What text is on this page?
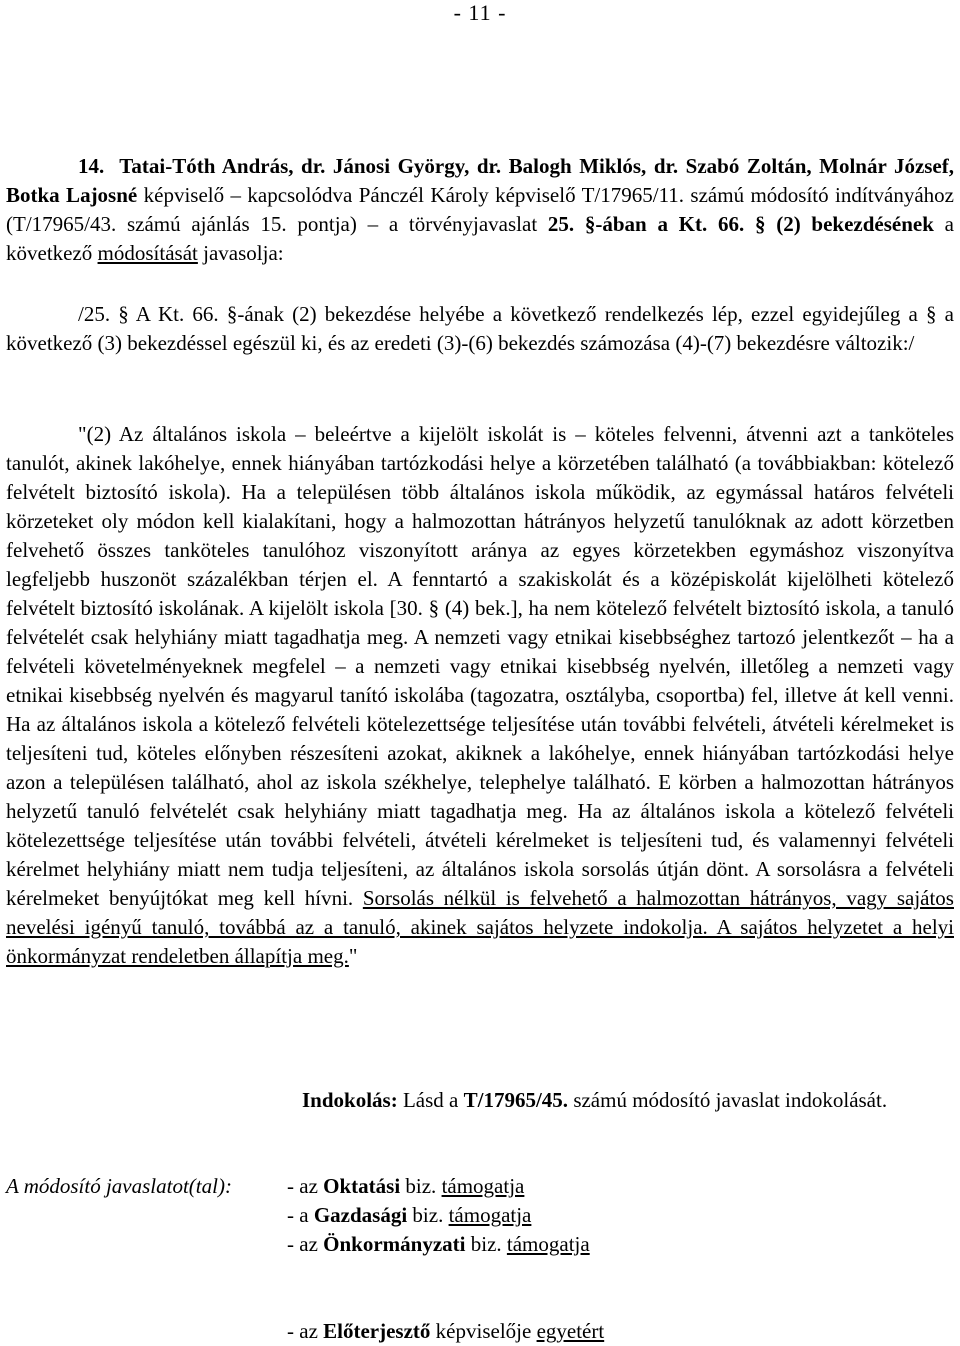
- 11 -

14. Tatai-Tóth András, dr. Jánosi György, dr. Balogh Miklós, dr. Szabó Zoltán, Molnár József, Botka Lajosné képviselő – kapcsolódva Pánczél Károly képviselő T/17965/11. számú módosító indítványához (T/17965/43. számú ajánlás 15. pontja) – a törvényjavaslat 25. §-ában a Kt. 66. § (2) bekezdésének a következő módosítását javasolja:

/25. § A Kt. 66. §-ának (2) bekezdése helyébe a következő rendelkezés lép, ezzel egyidejűleg a § a következő (3) bekezdéssel egészül ki, és az eredeti (3)-(6) bekezdés számozása (4)-(7) bekezdésre változik:/

"(2) Az általános iskola – beleértve a kijelölt iskolát is – köteles felvenni, átvenni azt a tanköteles tanulót, akinek lakóhelye, ennek hiányában tartózkodási helye a körzetében található (a továbbiakban: kötelező felvételt biztosító iskola). Ha a településen több általános iskola működik, az egymással határos felvételi körzeteket oly módon kell kialakítani, hogy a halmozottan hátrányos helyzetű tanulóknak az adott körzetben felvehető összes tanköteles tanulóhoz viszonyított aránya az egyes körzetekben egymáshoz viszonyítva legfeljebb huszonöt százalékban térjen el. A fenntartó a szakiskolát és a középiskolát kijelölheti kötelező felvételt biztosító iskolának. A kijelölt iskola [30. § (4) bek.], ha nem kötelező felvételt biztosító iskola, a tanuló felvételét csak helyhiány miatt tagadhatja meg. A nemzeti vagy etnikai kisebbséghez tartozó jelentkezőt – ha a felvételi követelményeknek megfelel – a nemzeti vagy etnikai kisebbség nyelvén, illetőleg a nemzeti vagy etnikai kisebbség nyelvén és magyarul tanító iskolába (tagozatra, osztályba, csoportba) fel, illetve át kell venni. Ha az általános iskola a kötelező felvételi kötelezettsége teljesítése után további felvételi, átvételi kérelmeket is teljesíteni tud, köteles előnyben részesíteni azokat, akiknek a lakóhelye, ennek hiányában tartózkodási helye azon a településen található, ahol az iskola székhelye, telephelye található. E körben a halmozottan hátrányos helyzetű tanuló felvételét csak helyhiány miatt tagadhatja meg. Ha az általános iskola a kötelező felvételi kötelezettsége teljesítése után további felvételi, átvételi kérelmeket is teljesíteni tud, és valamennyi felvételi kérelmet helyhiány miatt nem tudja teljesíteni, az általános iskola sorsolás útján dönt. A sorsolásra a felvételi kérelmeket benyújtókat meg kell hívni. Sorsolás nélkül is felvehető a halmozottan hátrányos, vagy sajátos nevelési igényű tanuló, továbbá az a tanuló, akinek sajátos helyzete indokolja. A sajátos helyzetet a helyi önkormányzat rendeletben állapítja meg."

Indokolás: Lásd a T/17965/45. számú módosító javaslat indokolását.
A módosító javaslatot(tal):	- az Oktatási biz. támogatja
- a Gazdasági biz. támogatja
- az Önkormányzati biz. támogatja
- az Előterjesztő képviselője egyetért
